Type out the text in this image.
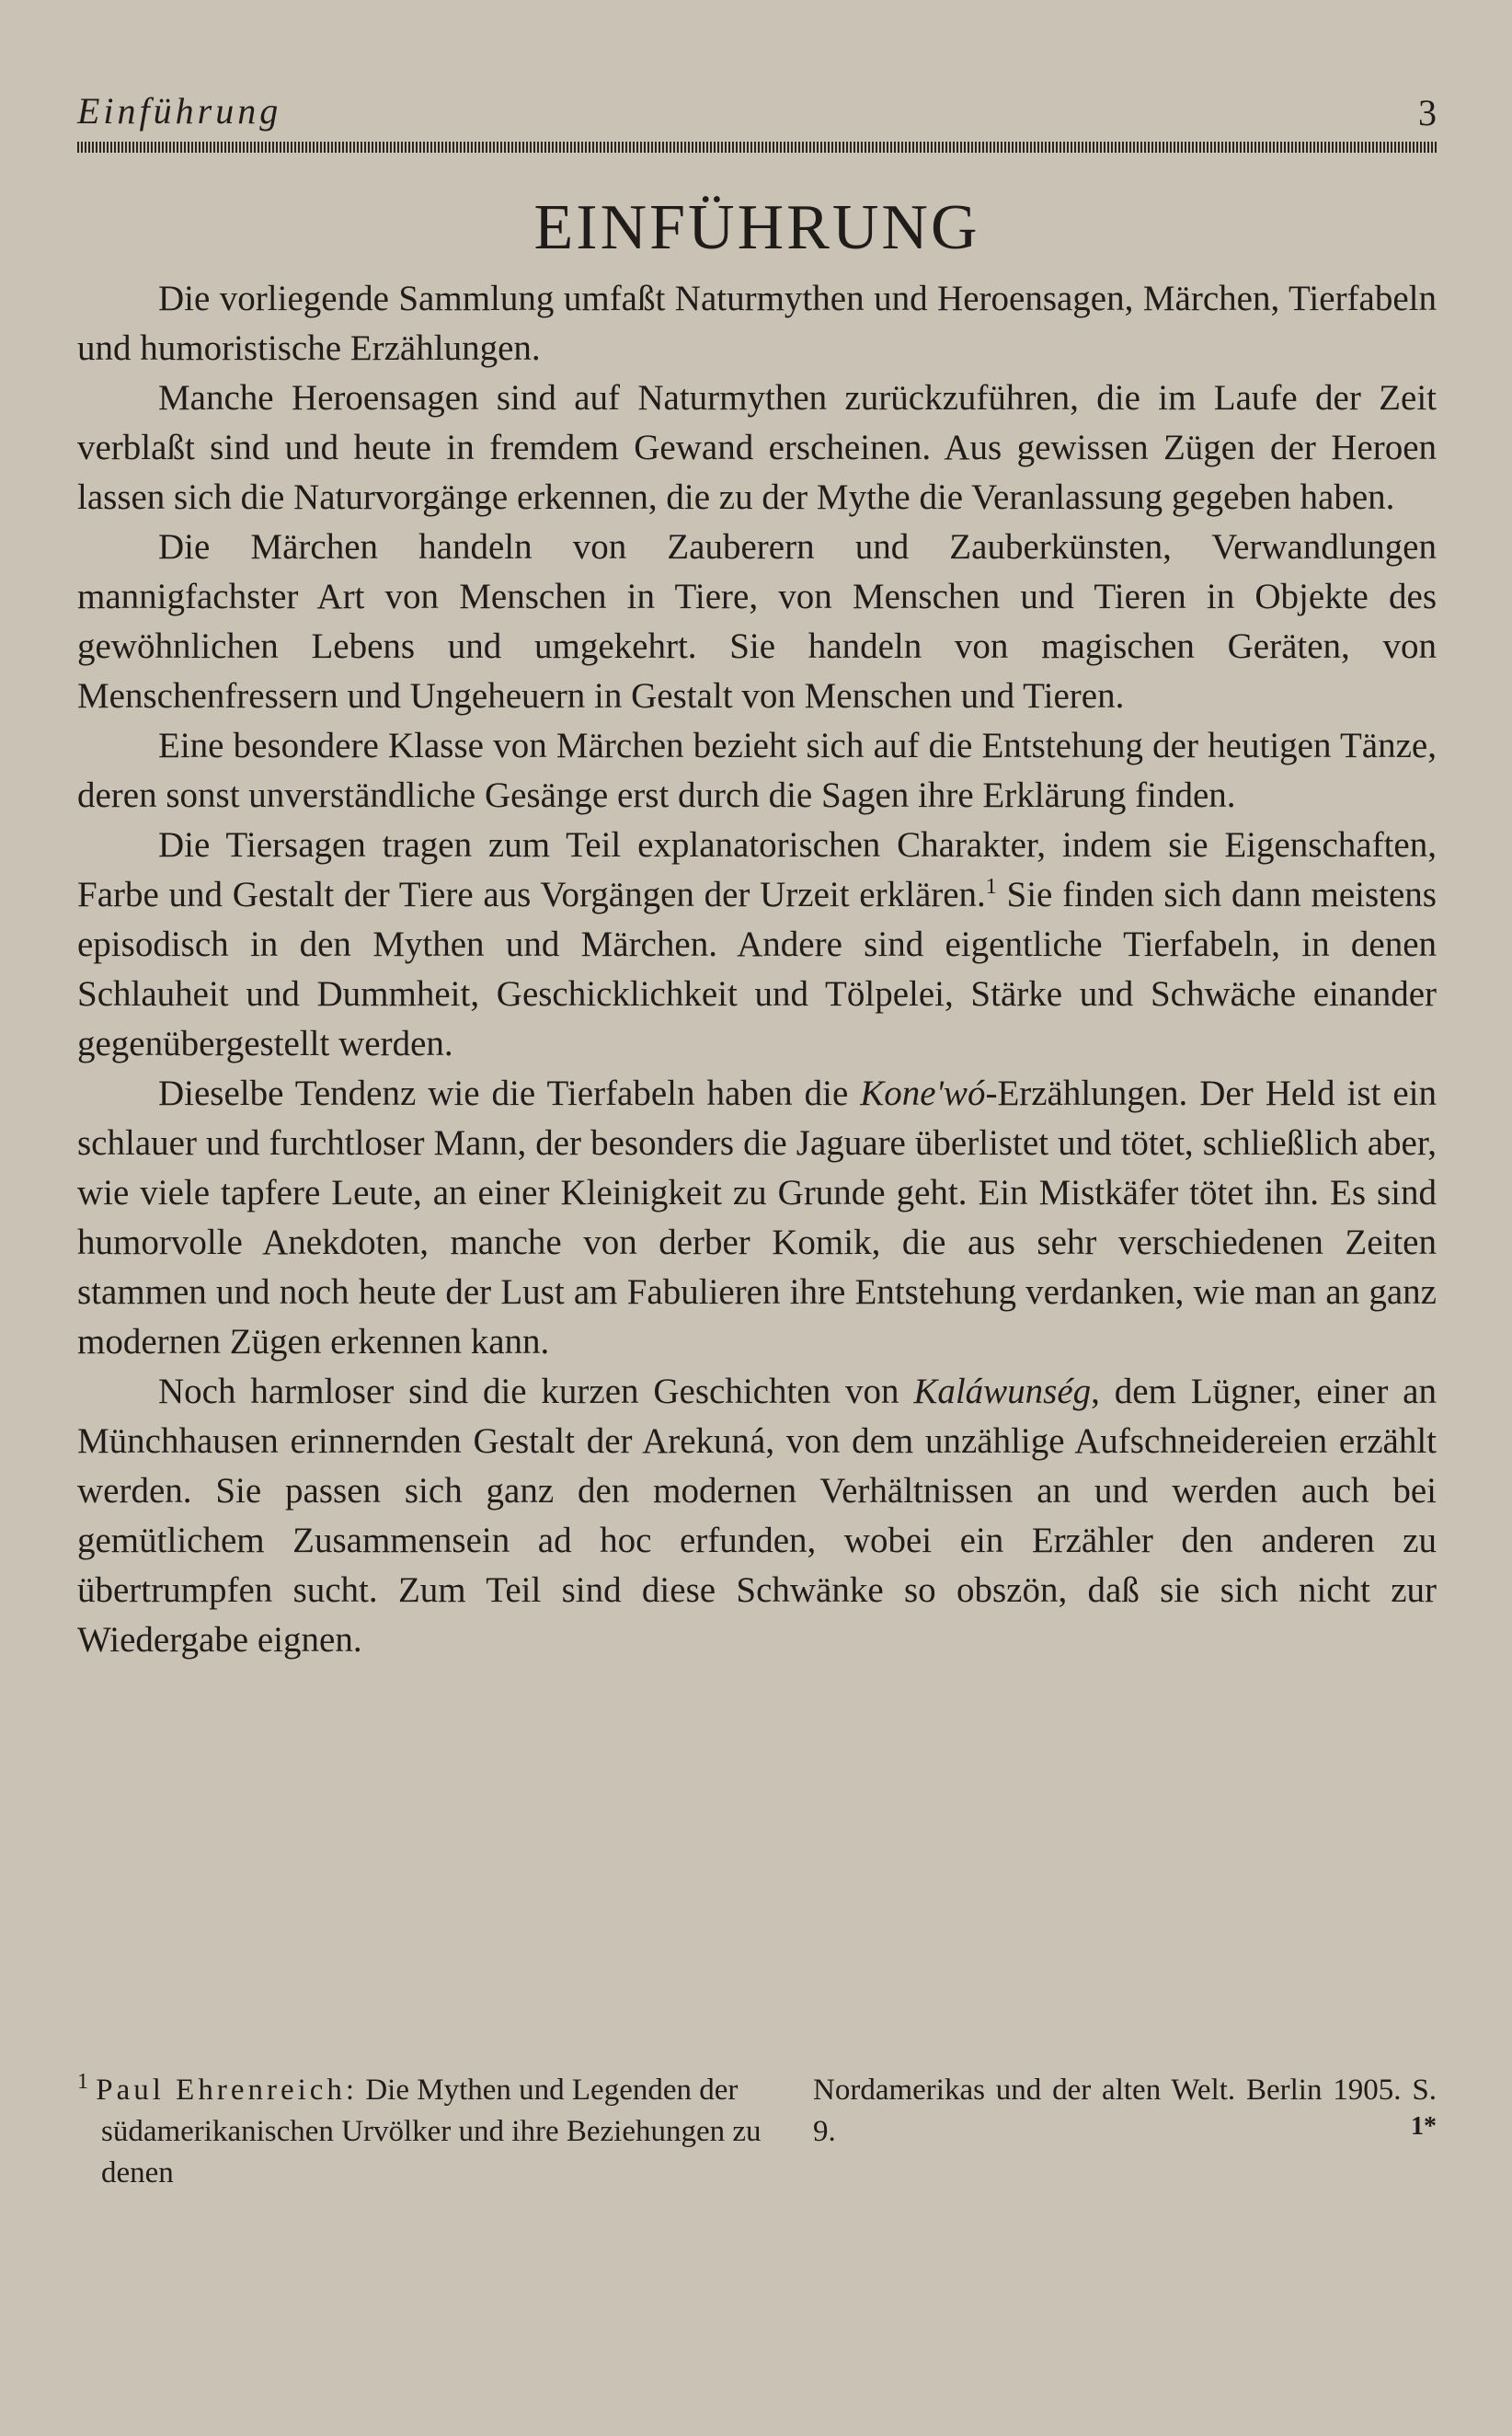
Einführung	3
EINFÜHRUNG

Die vorliegende Sammlung umfaßt Naturmythen und Heroensagen, Märchen, Tierfabeln und humoristische Erzählungen.

Manche Heroensagen sind auf Naturmythen zurückzuführen, die im Laufe der Zeit verblaßt sind und heute in fremdem Gewand erscheinen. Aus gewissen Zügen der Heroen lassen sich die Naturvorgänge erkennen, die zu der Mythe die Veranlassung gegeben haben.

Die Märchen handeln von Zauberern und Zauberkünsten, Verwandlungen mannigfachster Art von Menschen in Tiere, von Menschen und Tieren in Objekte des gewöhnlichen Lebens und umgekehrt. Sie handeln von magischen Geräten, von Menschenfressern und Ungeheuern in Gestalt von Menschen und Tieren.

Eine besondere Klasse von Märchen bezieht sich auf die Entstehung der heutigen Tänze, deren sonst unverständliche Gesänge erst durch die Sagen ihre Erklärung finden.

Die Tiersagen tragen zum Teil explanatorischen Charakter, indem sie Eigenschaften, Farbe und Gestalt der Tiere aus Vorgängen der Urzeit erklären.$^1$ Sie finden sich dann meistens episodisch in den Mythen und Märchen. Andere sind eigentliche Tierfabeln, in denen Schlauheit und Dummheit, Geschicklichkeit und Tölpelei, Stärke und Schwäche einander gegenübergestellt werden.

Dieselbe Tendenz wie die Tierfabeln haben die Kone'wó-Erzählungen. Der Held ist ein schlauer und furchtloser Mann, der besonders die Jaguare überlistet und tötet, schließlich aber, wie viele tapfere Leute, an einer Kleinigkeit zu Grunde geht. Ein Mistkäfer tötet ihn. Es sind humorvolle Anekdoten, manche von derber Komik, die aus sehr verschiedenen Zeiten stammen und noch heute der Lust am Fabulieren ihre Entstehung verdanken, wie man an ganz modernen Zügen erkennen kann.

Noch harmloser sind die kurzen Geschichten von Kaláwunség, dem Lügner, einer an Münchhausen erinnernden Gestalt der Arekuná, von dem unzählige Aufschneidereien erzählt werden. Sie passen sich ganz den modernen Verhältnissen an und werden auch bei gemütlichem Zusammensein ad hoc erfunden, wobei ein Erzähler den anderen zu übertrumpfen sucht. Zum Teil sind diese Schwänke so obszön, daß sie sich nicht zur Wiedergabe eignen.

$^1$ Paul Ehrenreich: Die Mythen und Legenden der südamerikanischen Urvölker und ihre Beziehungen zu denen
Nordamerikas und der alten Welt. Berlin 1905. S. 9.	1*
